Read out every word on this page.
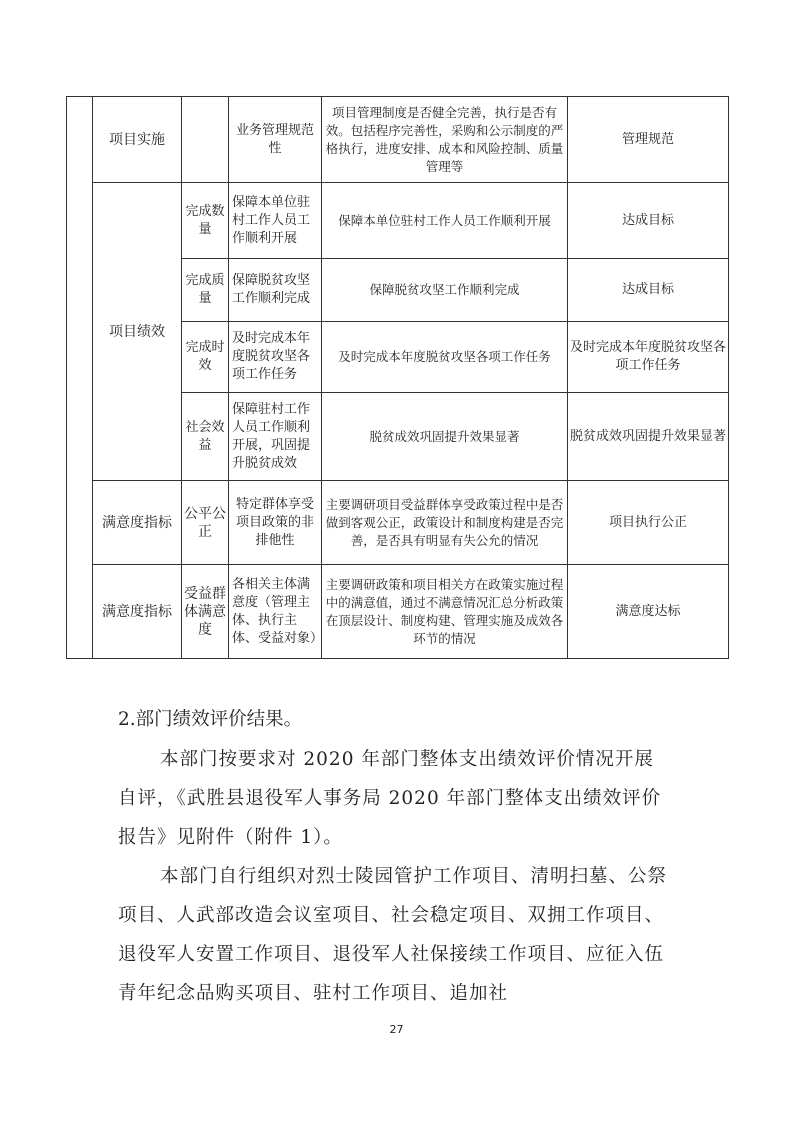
	项目实施		业务管理规范性	项目管理制度是否健全完善，执行是否有效。包括程序完善性，采购和公示制度的严格执行，进度安排、成本和风险控制、质量管理等	管理规范
	项目绩效	完成数量	保障本单位驻村工作人员工作顺利开展	保障本单位驻村工作人员工作顺利开展	达成目标
		完成质量	保障脱贫攻坚工作顺利完成	保障脱贫攻坚工作顺利完成	达成目标
		完成时效	及时完成本年度脱贫攻坚各项工作任务	及时完成本年度脱贫攻坚各项工作任务	及时完成本年度脱贫攻坚各项工作任务
		社会效益	保障驻村工作人员工作顺利开展，巩固提升脱贫成效	脱贫成效巩固提升效果显著	脱贫成效巩固提升效果显著
	满意度指标	公平公正	特定群体享受项目政策的非排他性	主要调研项目受益群体享受政策过程中是否做到客观公正，政策设计和制度构建是否完善，是否具有明显有失公允的情况	项目执行公正
	满意度指标	受益群体满意度	各相关主体满意度（管理主体、执行主体、受益对象）	主要调研政策和项目相关方在政策实施过程中的满意值，通过不满意情况汇总分析政策在顶层设计、制度构建、管理实施及成效各环节的情况	满意度达标
2.部门绩效评价结果。
本部门按要求对 2020 年部门整体支出绩效评价情况开展自评，《武胜县退役军人事务局 2020 年部门整体支出绩效评价报告》见附件（附件 1）。
本部门自行组织对烈士陵园管护工作项目、清明扫墓、公祭项目、人武部改造会议室项目、社会稳定项目、双拥工作项目、退役军人安置工作项目、退役军人社保接续工作项目、应征入伍青年纪念品购买项目、驻村工作项目、追加社
27
